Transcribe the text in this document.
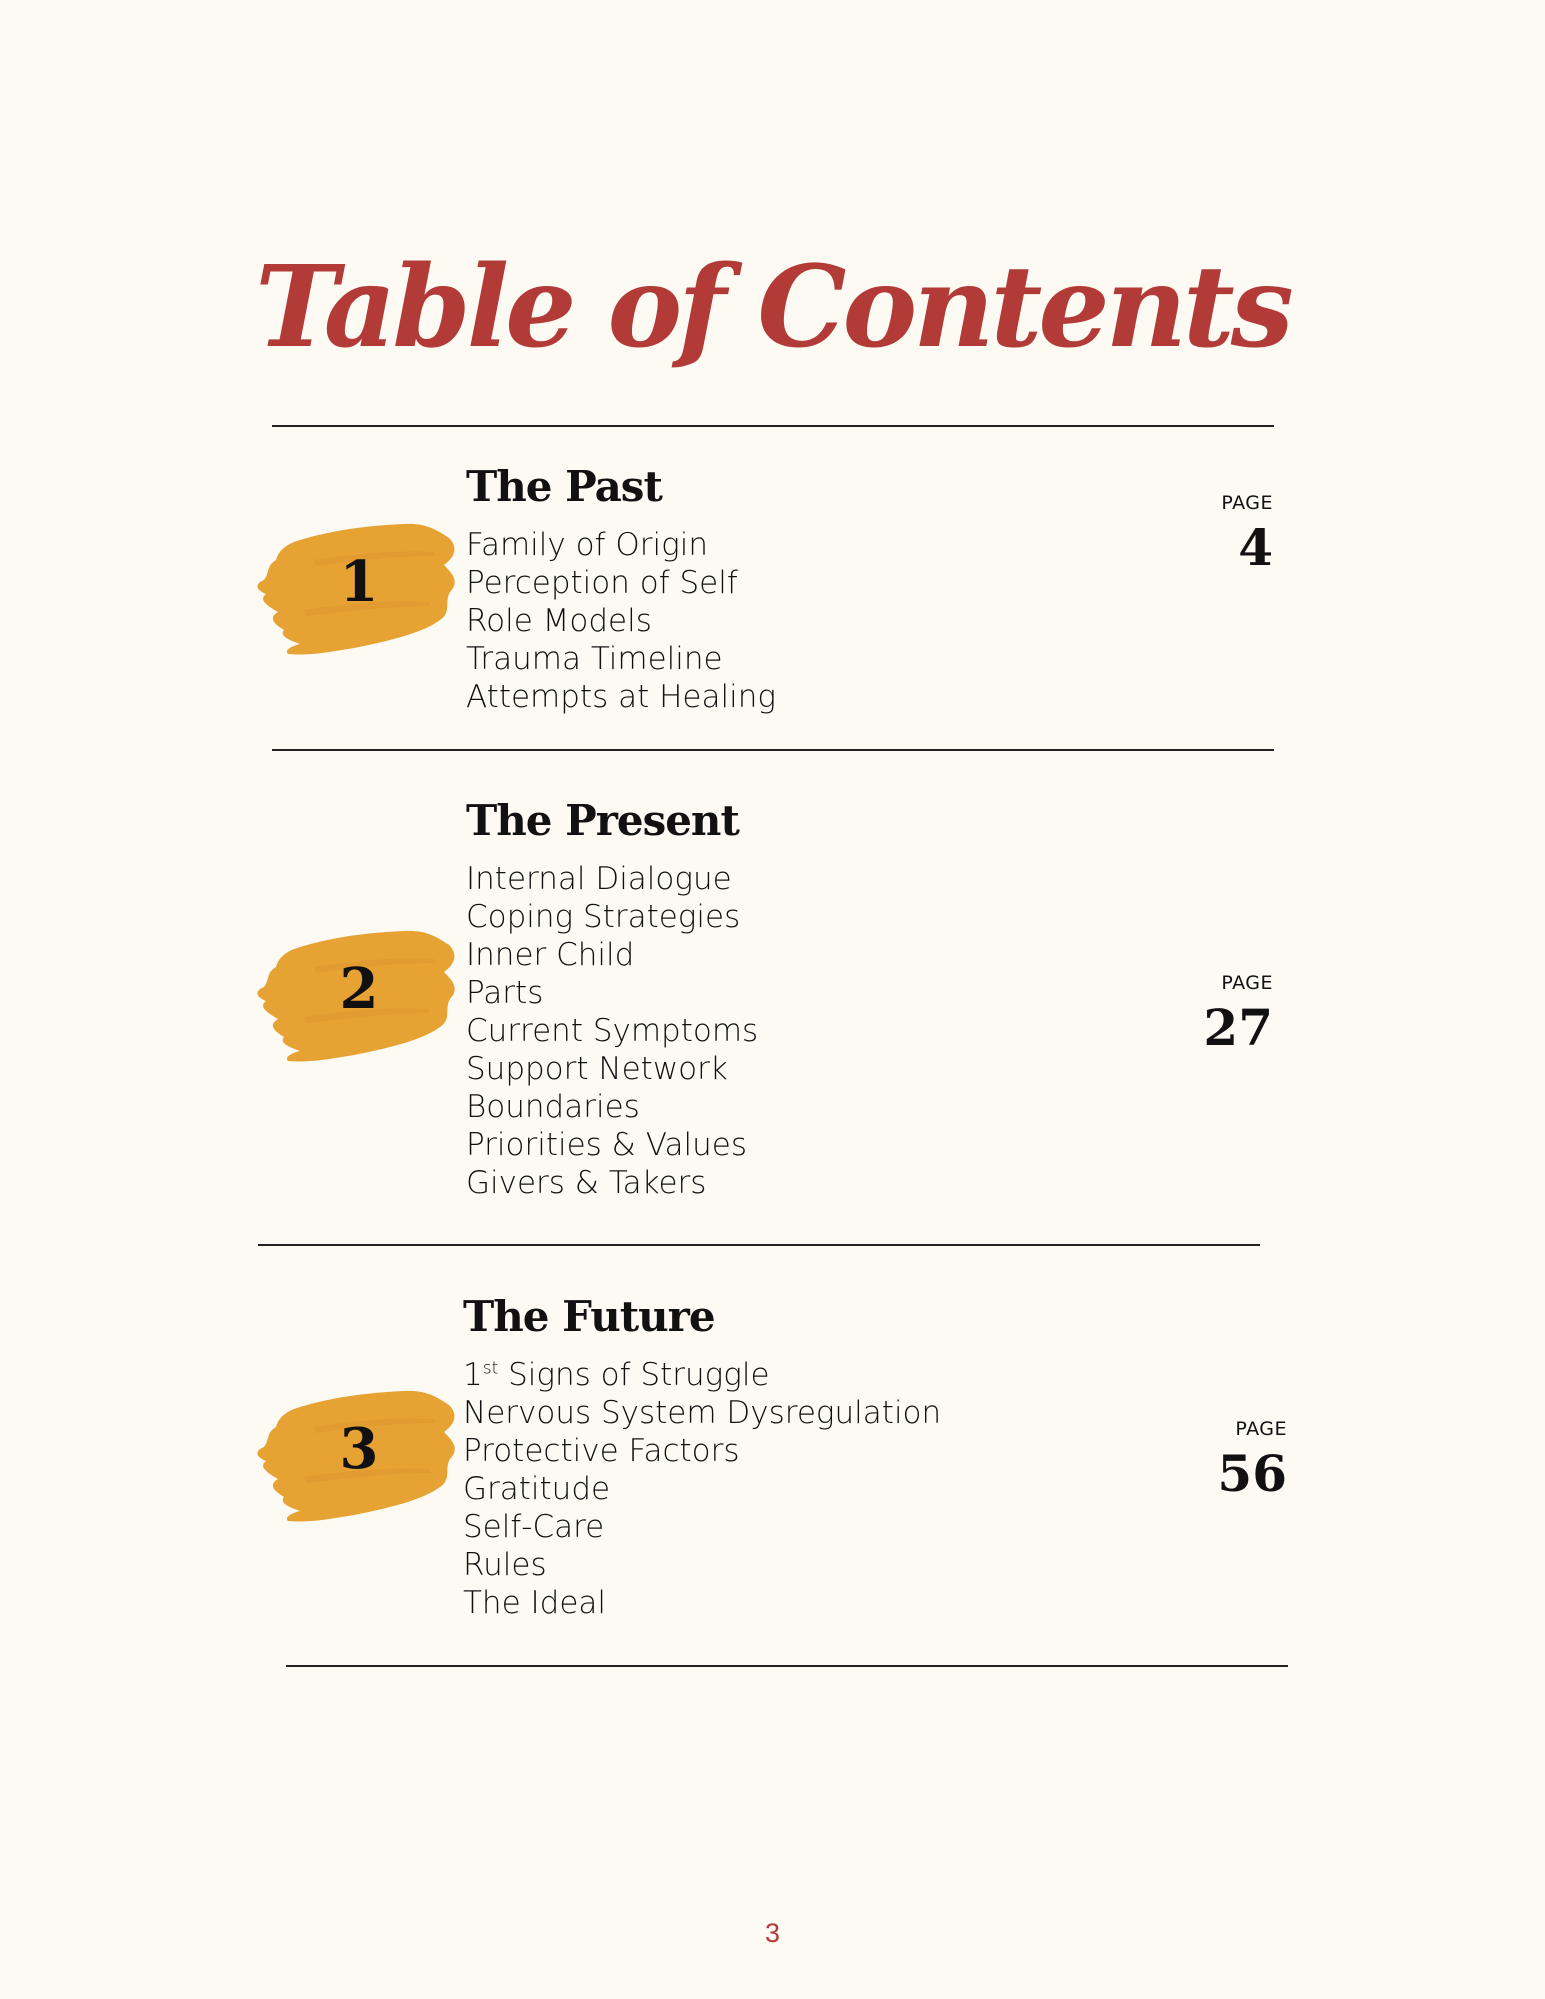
Table of Contents
1
The Past
Family of Origin
Perception of Self
Role Models
Trauma Timeline
Attempts at Healing
PAGE
4
2
The Present
Internal Dialogue
Coping Strategies
Inner Child
Parts
Current Symptoms
Support Network
Boundaries
Priorities & Values
Givers & Takers
PAGE
27
3
The Future
1st Signs of Struggle
Nervous System Dysregulation
Protective Factors
Gratitude
Self-Care
Rules
The Ideal
PAGE
56
3
